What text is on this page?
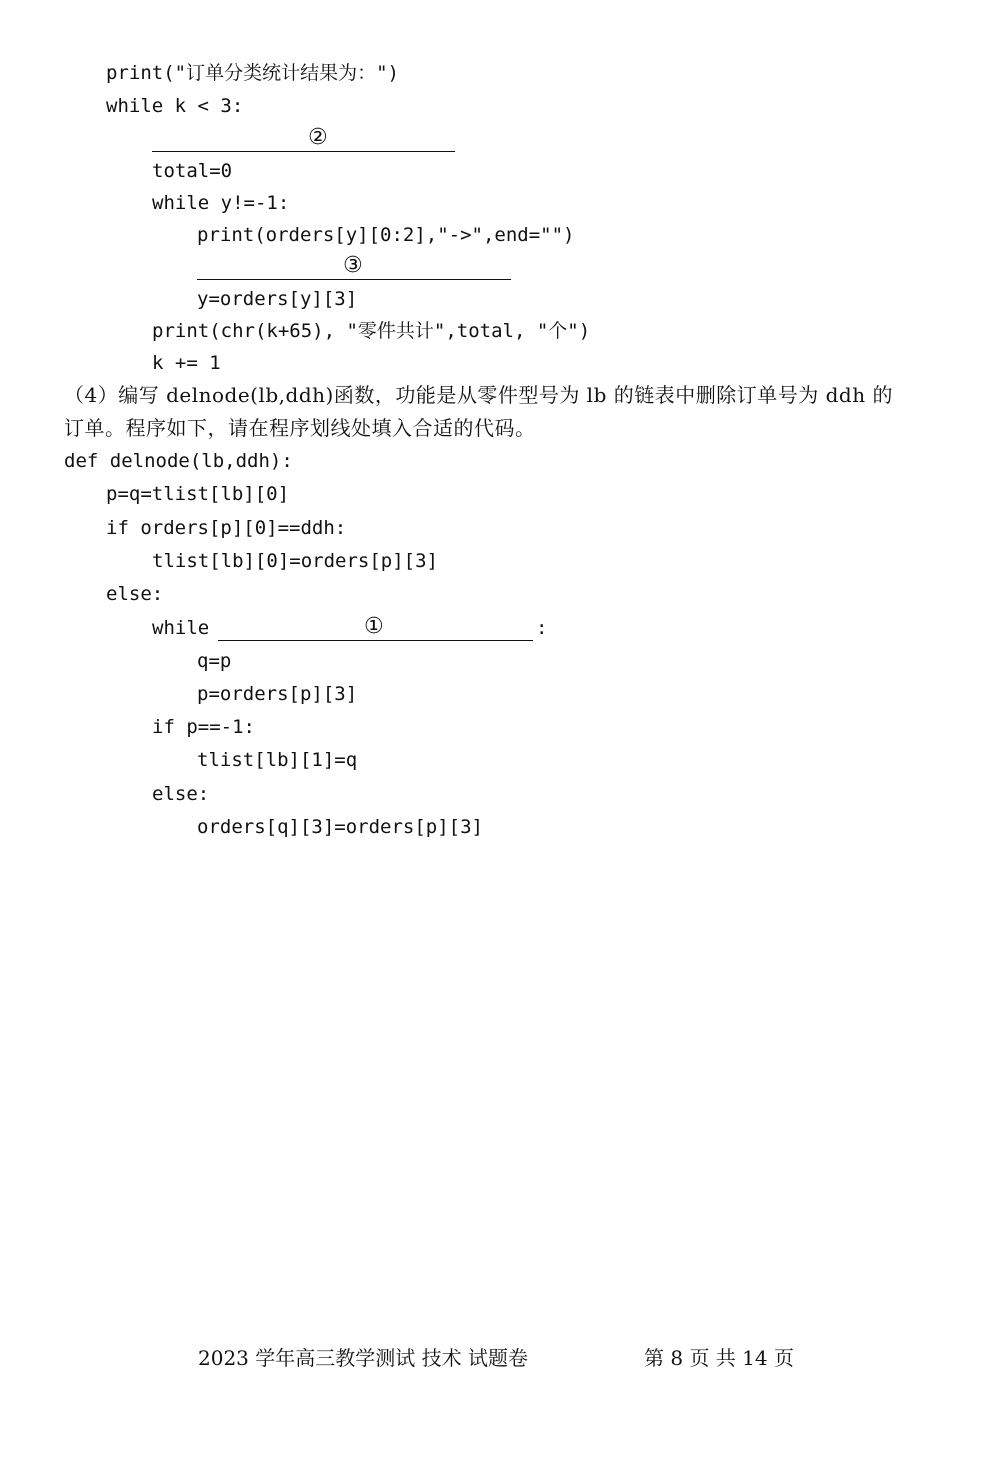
print("订单分类统计结果为：")
while k < 3:
②
total=0
while y!=-1:
print(orders[y][0:2],"->",end="")
③
y=orders[y][3]
print(chr(k+65), "零件共计",total, "个")
k += 1
（4）编写 delnode(lb,ddh)函数，功能是从零件型号为 lb 的链表中删除订单号为 ddh 的
订单。程序如下，请在程序划线处填入合适的代码。
def delnode(lb,ddh):
p=q=tlist[lb][0]
if orders[p][0]==ddh:
tlist[lb][0]=orders[p][3]
else:
while	①	:
q=p
p=orders[p][3]
if p==-1:
tlist[lb][1]=q
else:
orders[q][3]=orders[p][3]
2023 学年高三教学测试 技术 试题卷	第 8 页 共 14 页
